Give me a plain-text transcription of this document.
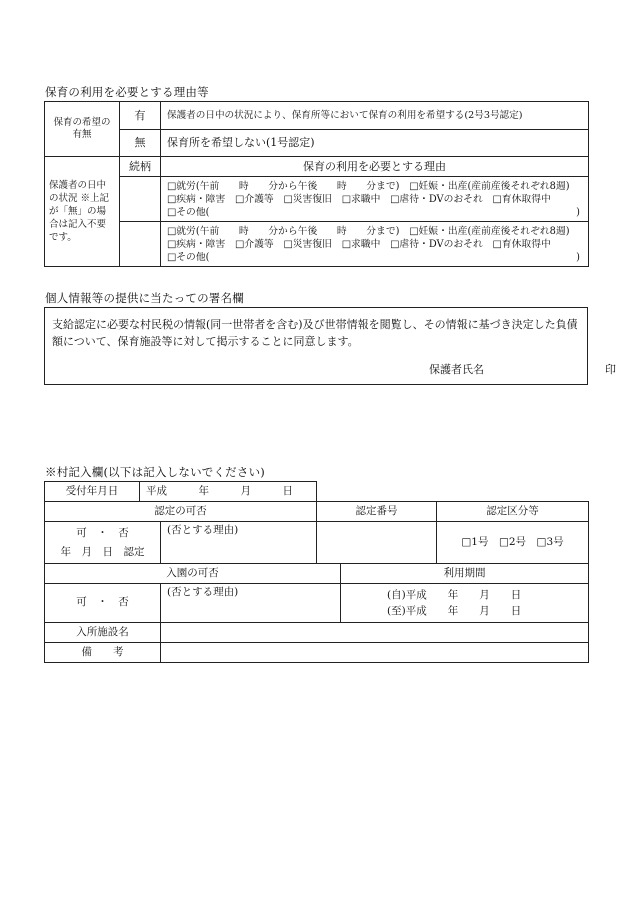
保育の利用を必要とする理由等
保育の希望の有無	有	保護者の日中の状況により、保育所等において保育の利用を希望する(2号3号認定)
	無	保育所を希望しない(1号認定)
保護者の日中の状況 ※上記が「無」の場合は記入不要です。	続柄	保育の利用を必要とする理由

		□就労(午前　　時　　分から午後　　時　　分まで)　□妊娠・出産(産前産後それぞれ8週)
□疾病・障害　□介護等　□災害復旧　□求職中　□虐待・DVのおそれ　□育休取得中
□その他( )

		□就労(午前　　時　　分から午後　　時　　分まで)　□妊娠・出産(産前産後それぞれ8週)
□疾病・障害　□介護等　□災害復旧　□求職中　□虐待・DVのおそれ　□育休取得中
□その他( )
個人情報等の提供に当たっての署名欄
支給認定に必要な村民税の情報(同一世帯者を含む)及び世帯情報を閲覧し、その情報に基づき決定した負債額について、保育施設等に対して掲示することに同意します。
保護者氏名	印
※村記入欄(以下は記入しないでください)
受付年月日	平成　　　年　　　月　　　日
認定の可否		認定番号	認定区分等

可　・　否
年　月　日　認定	(否とする理由)		□1号　□2号　□3号
入園の可否		利用期間
可　・　否	(否とする理由)	(自)平成　　年　　月　　日
(至)平成　　年　　月　　日
入所施設名	
備　　考	
